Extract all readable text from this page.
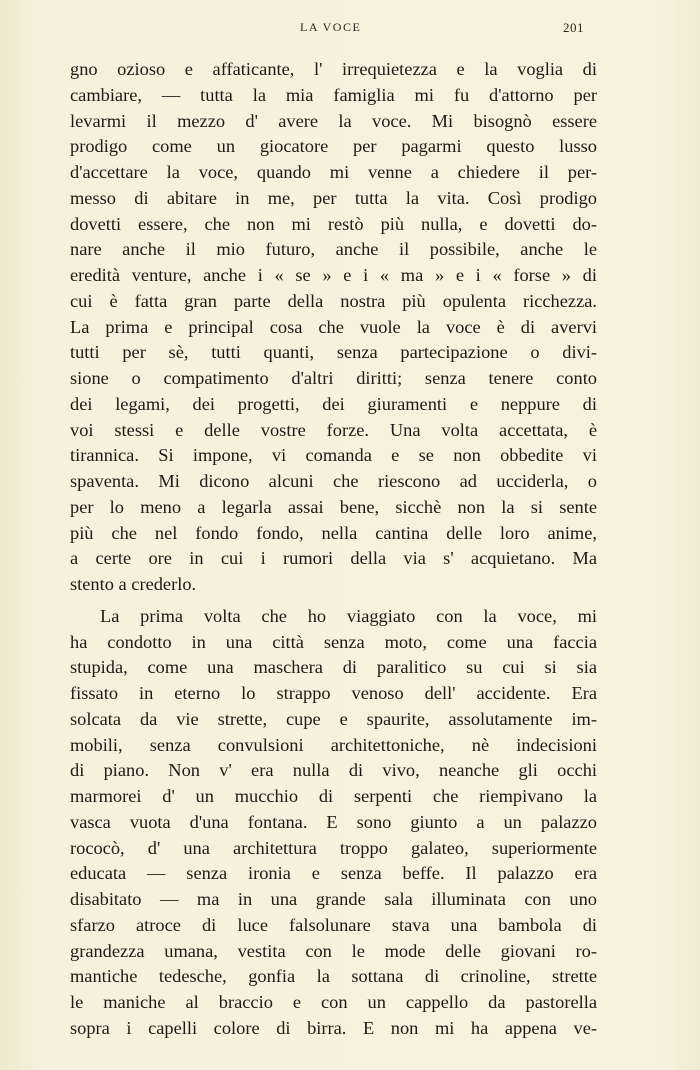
LA VOCE	201
gno ozioso e affaticante, l' irrequietezza e la voglia di
cambiare, — tutta la mia famiglia mi fu d'attorno per
levarmi il mezzo d' avere la voce. Mi bisognò essere
prodigo come un giocatore per pagarmi questo lusso
d'accettare la voce, quando mi venne a chiedere il per-
messo di abitare in me, per tutta la vita. Così prodigo
dovetti essere, che non mi restò più nulla, e dovetti do-
nare anche il mio futuro, anche il possibile, anche le
eredità venture, anche i « se » e i « ma » e i « forse » di
cui è fatta gran parte della nostra più opulenta ricchezza.
La prima e principal cosa che vuole la voce è di avervi
tutti per sè, tutti quanti, senza partecipazione o divi-
sione o compatimento d'altri diritti; senza tenere conto
dei legami, dei progetti, dei giuramenti e neppure di
voi stessi e delle vostre forze. Una volta accettata, è
tirannica. Si impone, vi comanda e se non obbedite vi
spaventa. Mi dicono alcuni che riescono ad ucciderla, o
per lo meno a legarla assai bene, sicchè non la si sente
più che nel fondo fondo, nella cantina delle loro anime,
a certe ore in cui i rumori della via s' acquietano. Ma
stento a crederlo.
La prima volta che ho viaggiato con la voce, mi
ha condotto in una città senza moto, come una faccia
stupida, come una maschera di paralitico su cui si sia
fissato in eterno lo strappo venoso dell' accidente. Era
solcata da vie strette, cupe e spaurite, assolutamente im-
mobili, senza convulsioni architettoniche, nè indecisioni
di piano. Non v' era nulla di vivo, neanche gli occhi
marmorei d' un mucchio di serpenti che riempivano la
vasca vuota d'una fontana. E sono giunto a un palazzo
rococò, d' una architettura troppo galateo, superiormente
educata — senza ironia e senza beffe. Il palazzo era
disabitato — ma in una grande sala illuminata con uno
sfarzo atroce di luce falsolunare stava una bambola di
grandezza umana, vestita con le mode delle giovani ro-
mantiche tedesche, gonfia la sottana di crinoline, strette
le maniche al braccio e con un cappello da pastorella
sopra i capelli colore di birra. E non mi ha appena ve-
